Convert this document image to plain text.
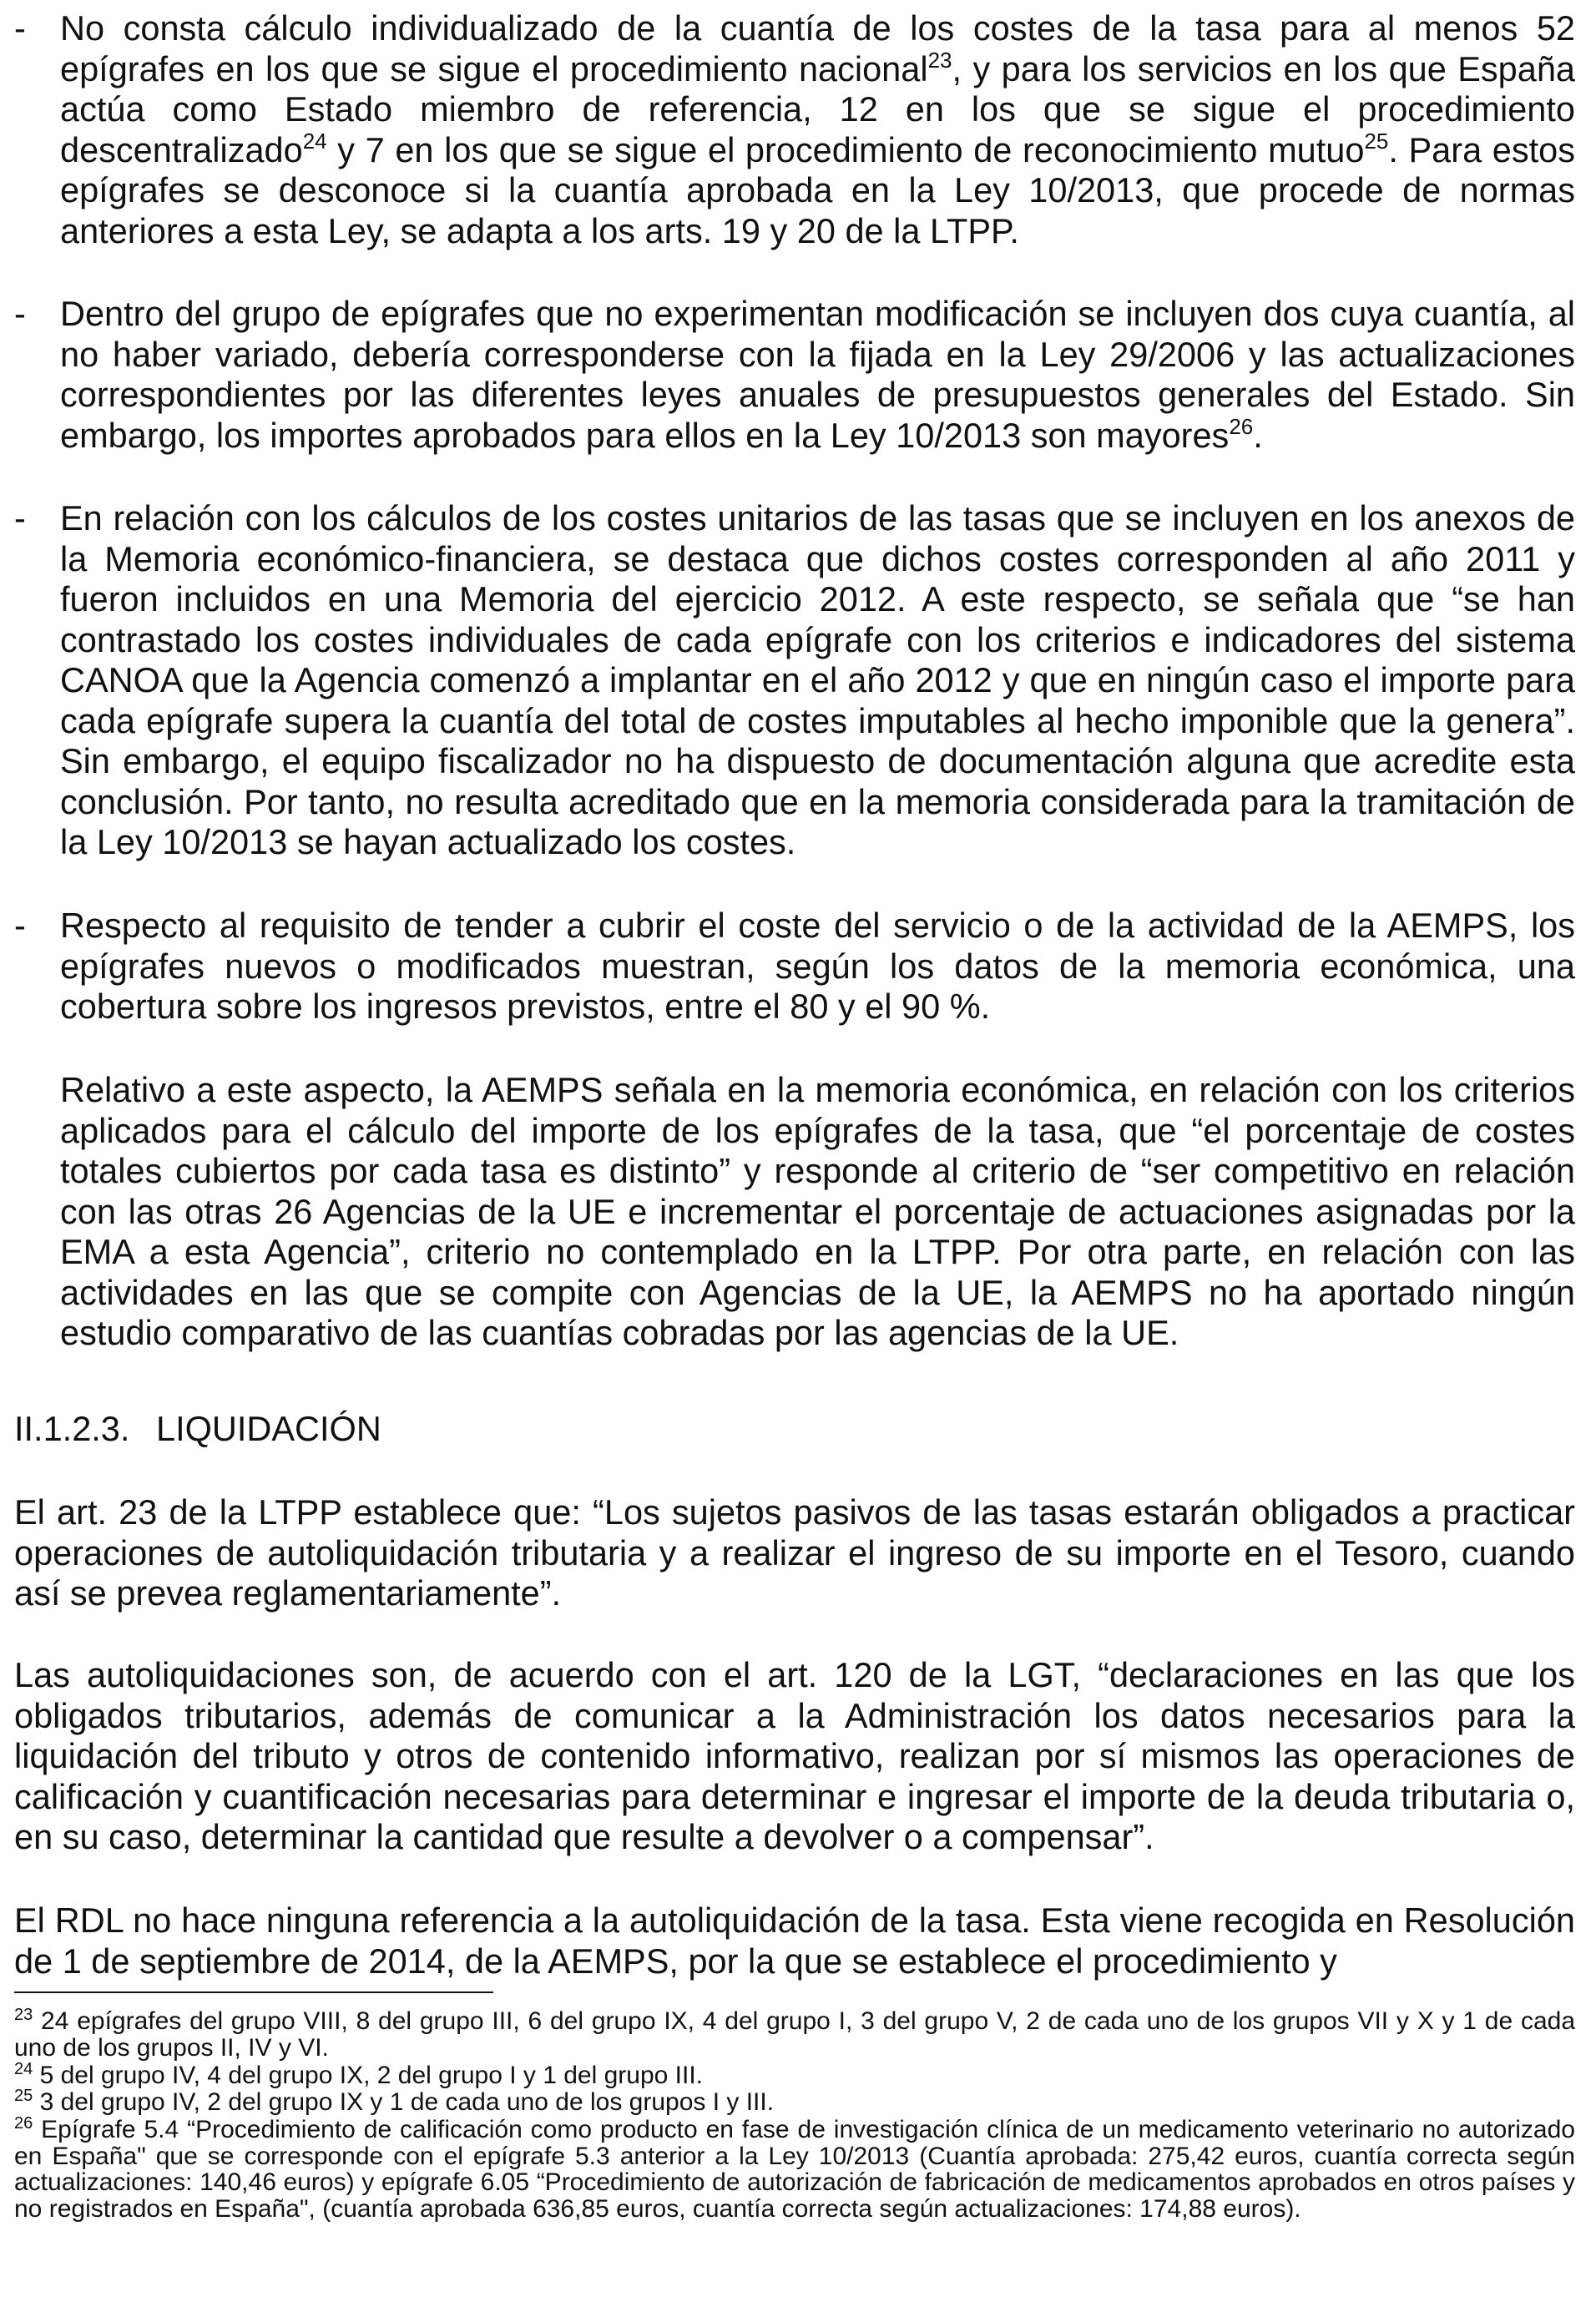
- No consta cálculo individualizado de la cuantía de los costes de la tasa para al menos 52 epígrafes en los que se sigue el procedimiento nacional$^{23}$, y para los servicios en los que España actúa como Estado miembro de referencia, 12 en los que se sigue el procedimiento descentralizado$^{24}$ y 7 en los que se sigue el procedimiento de reconocimiento mutuo$^{25}$. Para estos epígrafes se desconoce si la cuantía aprobada en la Ley 10/2013, que procede de normas anteriores a esta Ley, se adapta a los arts. 19 y 20 de la LTPP.
- Dentro del grupo de epígrafes que no experimentan modificación se incluyen dos cuya cuantía, al no haber variado, debería corresponderse con la fijada en la Ley 29/2006 y las actualizaciones correspondientes por las diferentes leyes anuales de presupuestos generales del Estado. Sin embargo, los importes aprobados para ellos en la Ley 10/2013 son mayores$^{26}$.
- En relación con los cálculos de los costes unitarios de las tasas que se incluyen en los anexos de la Memoria económico-financiera, se destaca que dichos costes corresponden al año 2011 y fueron incluidos en una Memoria del ejercicio 2012. A este respecto, se señala que “se han contrastado los costes individuales de cada epígrafe con los criterios e indicadores del sistema CANOA que la Agencia comenzó a implantar en el año 2012 y que en ningún caso el importe para cada epígrafe supera la cuantía del total de costes imputables al hecho imponible que la genera”. Sin embargo, el equipo fiscalizador no ha dispuesto de documentación alguna que acredite esta conclusión. Por tanto, no resulta acreditado que en la memoria considerada para la tramitación de la Ley 10/2013 se hayan actualizado los costes.
- Respecto al requisito de tender a cubrir el coste del servicio o de la actividad de la AEMPS, los epígrafes nuevos o modificados muestran, según los datos de la memoria económica, una cobertura sobre los ingresos previstos, entre el 80 y el 90 %.
Relativo a este aspecto, la AEMPS señala en la memoria económica, en relación con los criterios aplicados para el cálculo del importe de los epígrafes de la tasa, que “el porcentaje de costes totales cubiertos por cada tasa es distinto” y responde al criterio de “ser competitivo en relación con las otras 26 Agencias de la UE e incrementar el porcentaje de actuaciones asignadas por la EMA a esta Agencia”, criterio no contemplado en la LTPP. Por otra parte, en relación con las actividades en las que se compite con Agencias de la UE, la AEMPS no ha aportado ningún estudio comparativo de las cuantías cobradas por las agencias de la UE.
II.1.2.3. LIQUIDACIÓN
El art. 23 de la LTPP establece que: “Los sujetos pasivos de las tasas estarán obligados a practicar operaciones de autoliquidación tributaria y a realizar el ingreso de su importe en el Tesoro, cuando así se prevea reglamentariamente”.
Las autoliquidaciones son, de acuerdo con el art. 120 de la LGT, “declaraciones en las que los obligados tributarios, además de comunicar a la Administración los datos necesarios para la liquidación del tributo y otros de contenido informativo, realizan por sí mismos las operaciones de calificación y cuantificación necesarias para determinar e ingresar el importe de la deuda tributaria o, en su caso, determinar la cantidad que resulte a devolver o a compensar”.
El RDL no hace ninguna referencia a la autoliquidación de la tasa. Esta viene recogida en Resolución de 1 de septiembre de 2014, de la AEMPS, por la que se establece el procedimiento y
$^{23}$ 24 epígrafes del grupo VIII, 8 del grupo III, 6 del grupo IX, 4 del grupo I, 3 del grupo V, 2 de cada uno de los grupos VII y X y 1 de cada uno de los grupos II, IV y VI.
$^{24}$ 5 del grupo IV, 4 del grupo IX, 2 del grupo I y 1 del grupo III.
$^{25}$ 3 del grupo IV, 2 del grupo IX y 1 de cada uno de los grupos I y III.
$^{26}$ Epígrafe 5.4 “Procedimiento de calificación como producto en fase de investigación clínica de un medicamento veterinario no autorizado en España" que se corresponde con el epígrafe 5.3 anterior a la Ley 10/2013 (Cuantía aprobada: 275,42 euros, cuantía correcta según actualizaciones: 140,46 euros) y epígrafe 6.05 “Procedimiento de autorización de fabricación de medicamentos aprobados en otros países y no registrados en España", (cuantía aprobada 636,85 euros, cuantía correcta según actualizaciones: 174,88 euros).
